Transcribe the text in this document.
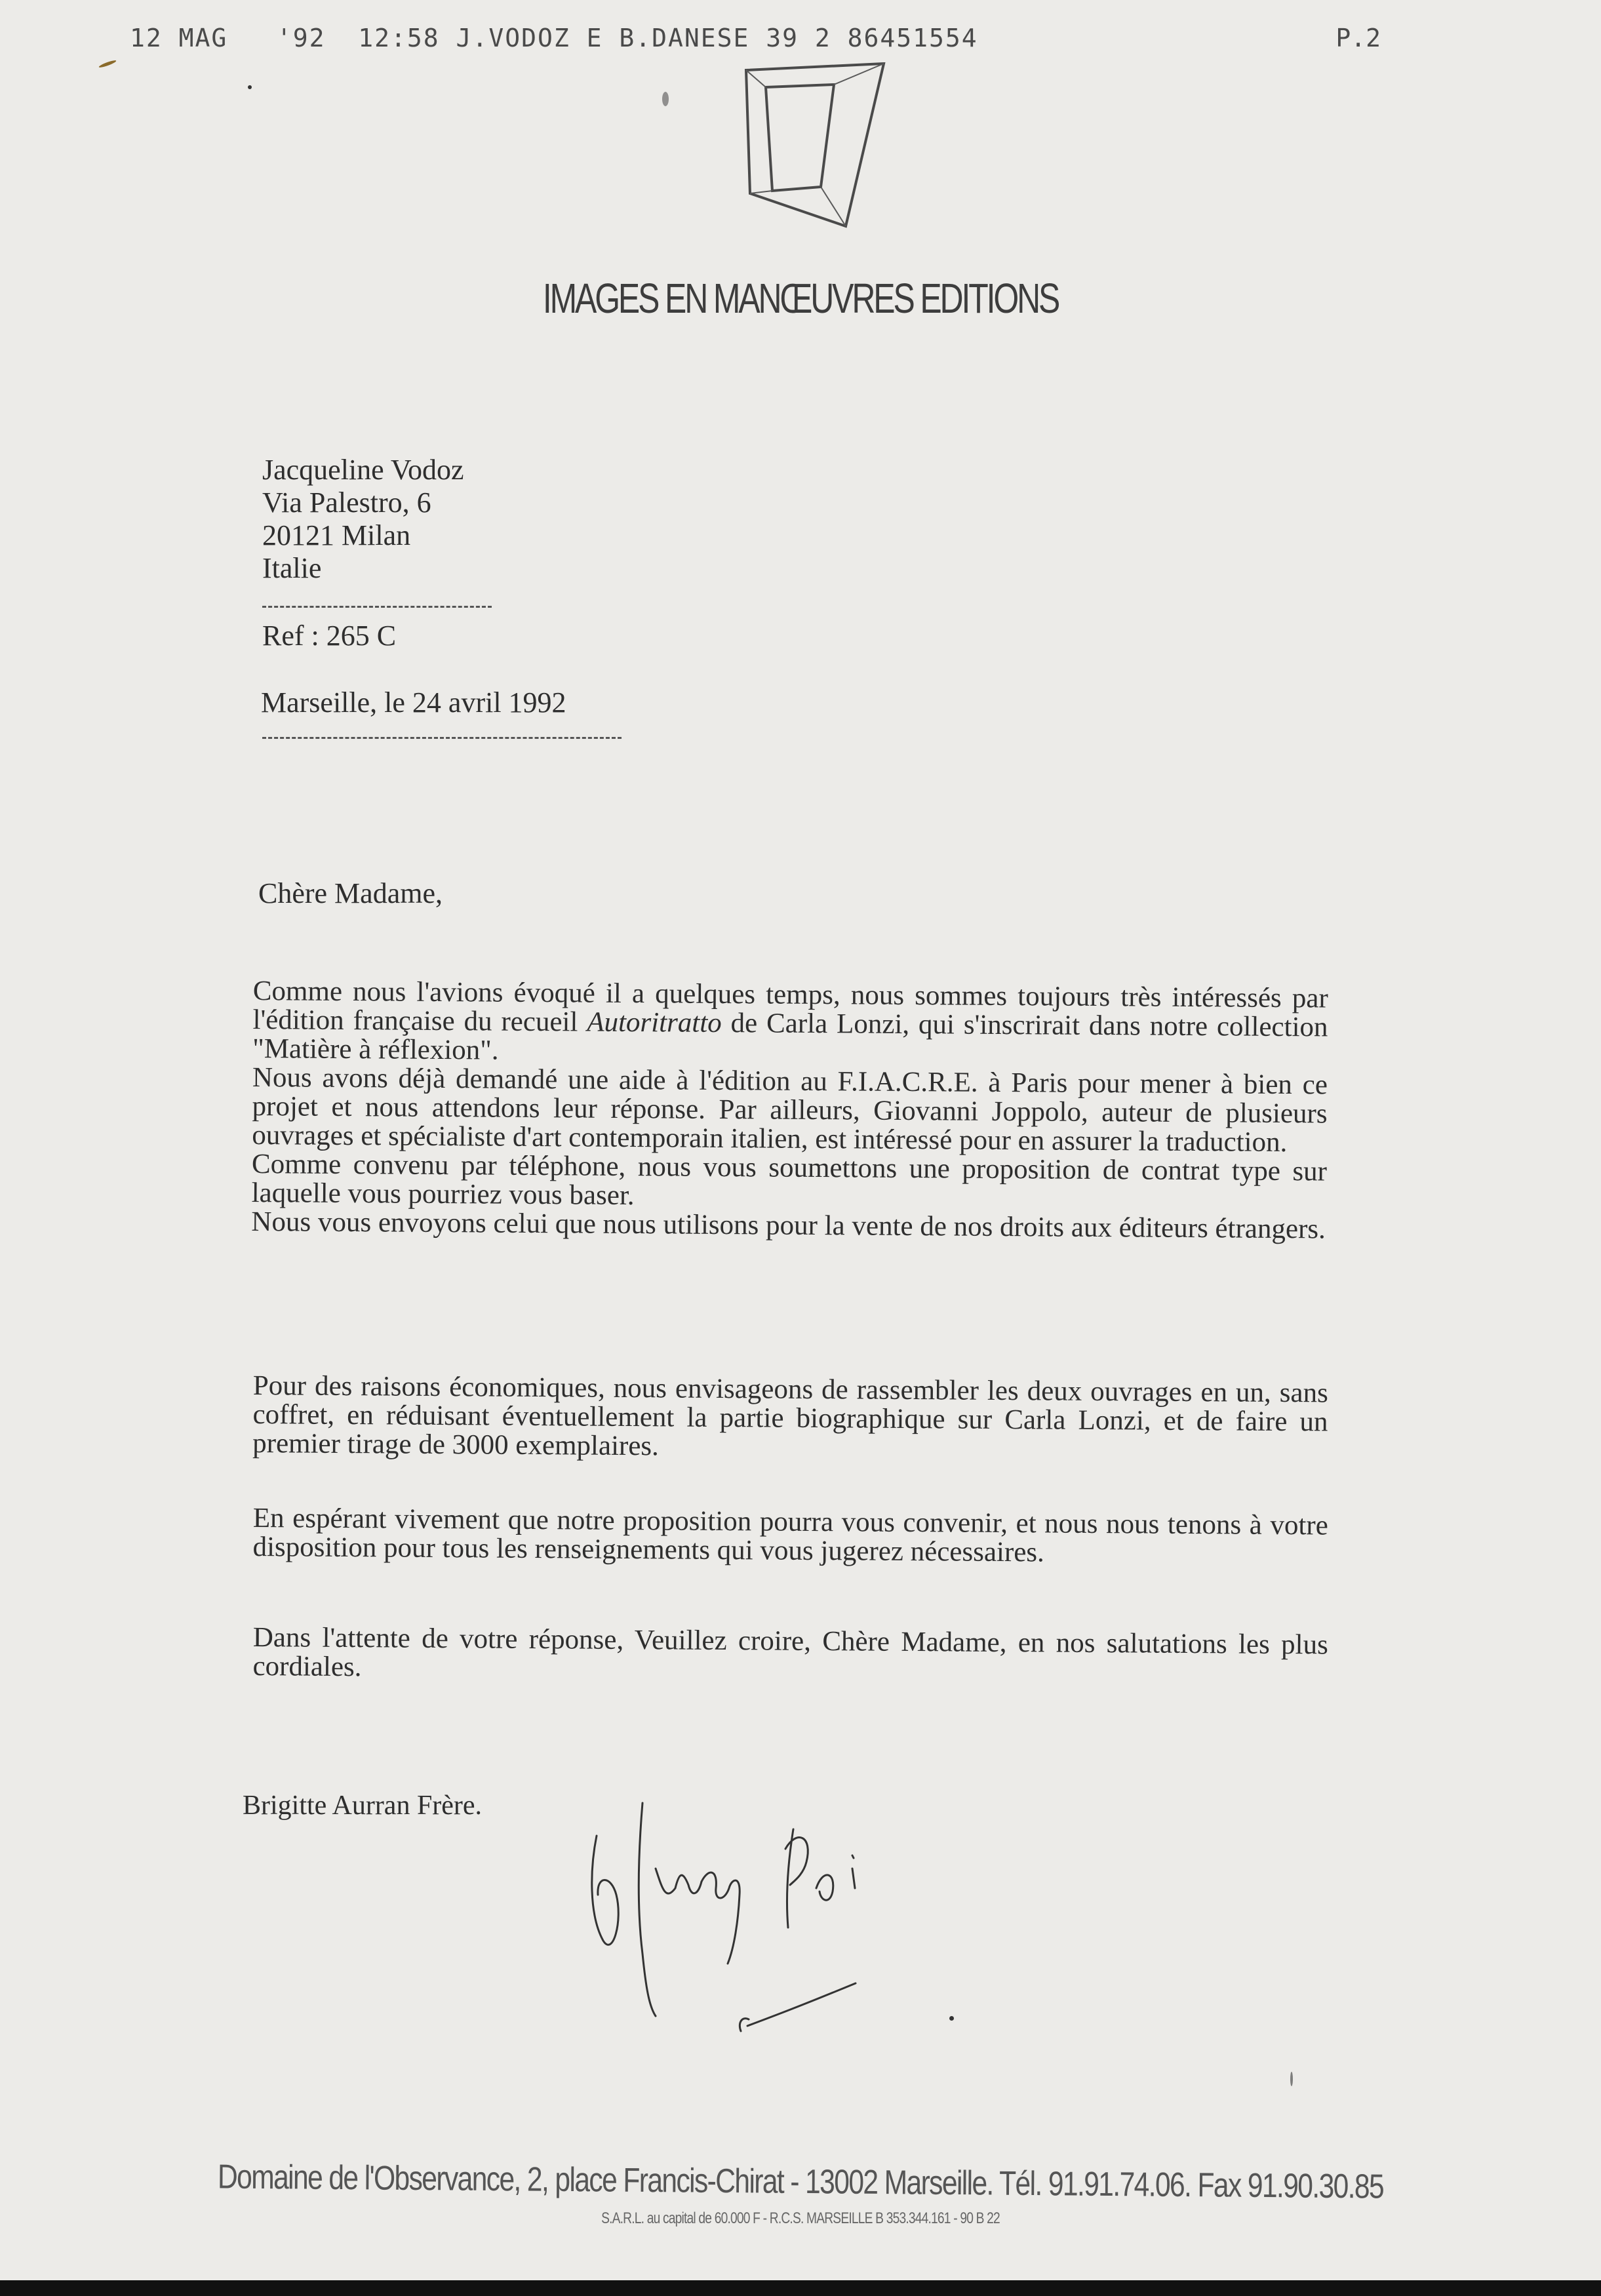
12 MAG   '92  12:58 J.VODOZ E B.DANESE 39 2 86451554	P.2
IMAGES EN MANŒUVRES EDITIONS
Jacqueline Vodoz
Via Palestro, 6
20121 Milan
Italie
Ref : 265 C
Marseille, le 24 avril 1992
Chère Madame,

Comme nous l'avions évoqué il a quelques temps, nous sommes toujours très intéressés par l'édition française du recueil Autoritratto de Carla Lonzi, qui s'inscrirait dans notre collection "Matière à réflexion".

Nous avons déjà demandé une aide à l'édition au F.I.A.C.R.E. à Paris pour mener à bien ce projet et nous attendons leur réponse. Par ailleurs, Giovanni Joppolo, auteur de plusieurs ouvrages et spécialiste d'art contemporain italien, est intéressé pour en assurer la traduction.

Comme convenu par téléphone, nous vous soumettons une proposition de contrat type sur laquelle vous pourriez vous baser.

Nous vous envoyons celui que nous utilisons pour la vente de nos droits aux éditeurs étrangers.

Pour des raisons économiques, nous envisageons de rassembler les deux ouvrages en un, sans coffret, en réduisant éventuellement la partie biographique sur Carla Lonzi, et de faire un premier tirage de 3000 exemplaires.

En espérant vivement que notre proposition pourra vous convenir, et nous nous tenons à votre disposition pour tous les renseignements qui vous jugerez nécessaires.

Dans l'attente de votre réponse, Veuillez croire, Chère Madame, en nos salutations les plus cordiales.

Brigitte Aurran Frère.
Domaine de l'Observance, 2, place Francis-Chirat - 13002 Marseille. Tél. 91.91.74.06. Fax 91.90.30.85
S.A.R.L. au capital de 60.000 F - R.C.S. MARSEILLE B 353.344.161 - 90 B 22
